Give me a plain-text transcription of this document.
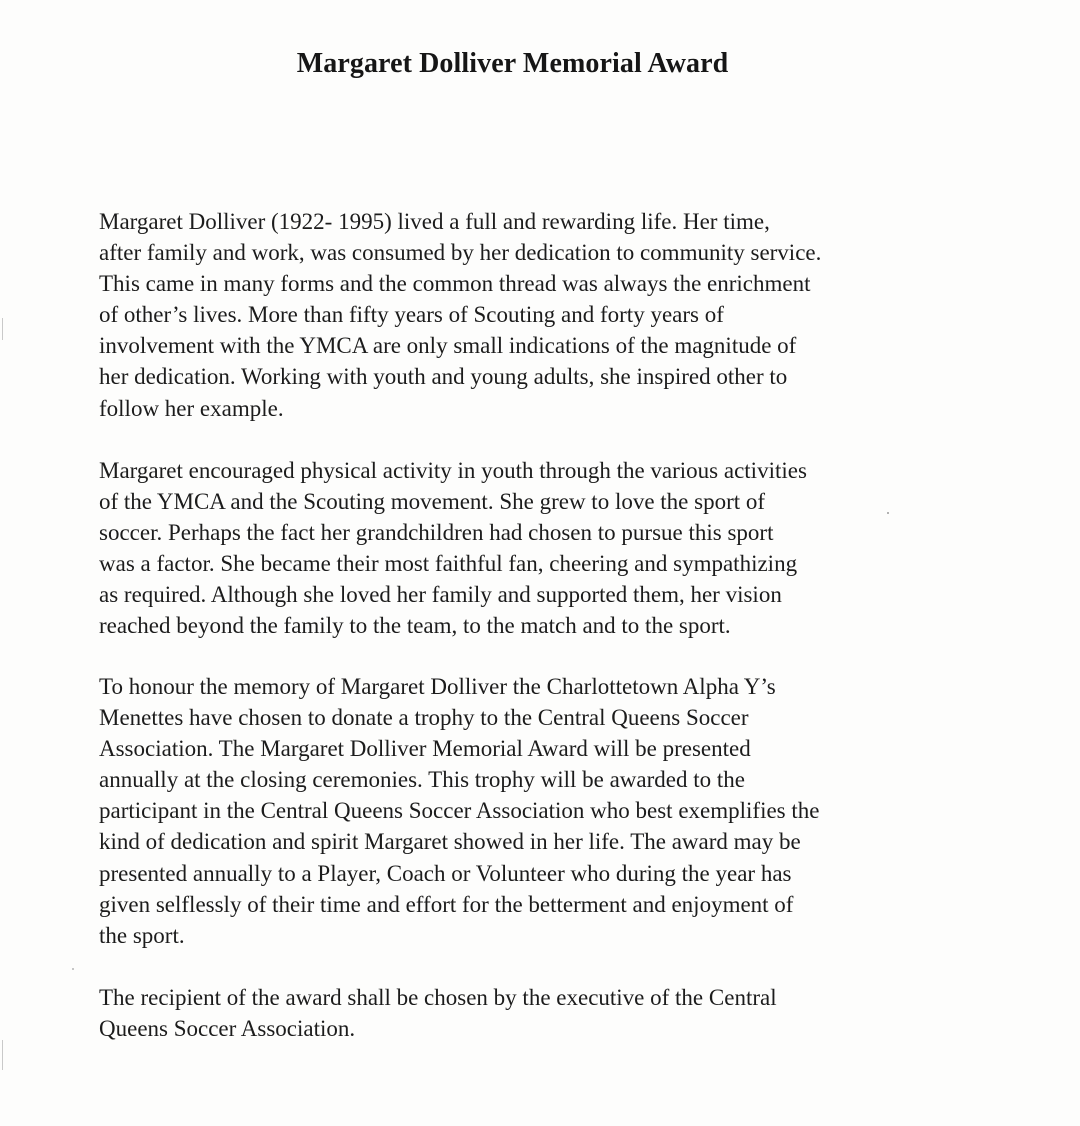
Margaret Dolliver Memorial Award

Margaret Dolliver (1922- 1995) lived a full and rewarding life. Her time,
after family and work, was consumed by her dedication to community service.
This came in many forms and the common thread was always the enrichment
of other’s lives. More than fifty years of Scouting and forty years of
involvement with the YMCA are only small indications of the magnitude of
her dedication. Working with youth and young adults, she inspired other to
follow her example.

Margaret encouraged physical activity in youth through the various activities
of the YMCA and the Scouting movement. She grew to love the sport of
soccer. Perhaps the fact her grandchildren had chosen to pursue this sport
was a factor. She became their most faithful fan, cheering and sympathizing
as required. Although she loved her family and supported them, her vision
reached beyond the family to the team, to the match and to the sport.

To honour the memory of Margaret Dolliver the Charlottetown Alpha Y’s
Menettes have chosen to donate a trophy to the Central Queens Soccer
Association. The Margaret Dolliver Memorial Award will be presented
annually at the closing ceremonies. This trophy will be awarded to the
participant in the Central Queens Soccer Association who best exemplifies the
kind of dedication and spirit Margaret showed in her life. The award may be
presented annually to a Player, Coach or Volunteer who during the year has
given selflessly of their time and effort for the betterment and enjoyment of
the sport.

The recipient of the award shall be chosen by the executive of the Central
Queens Soccer Association.
